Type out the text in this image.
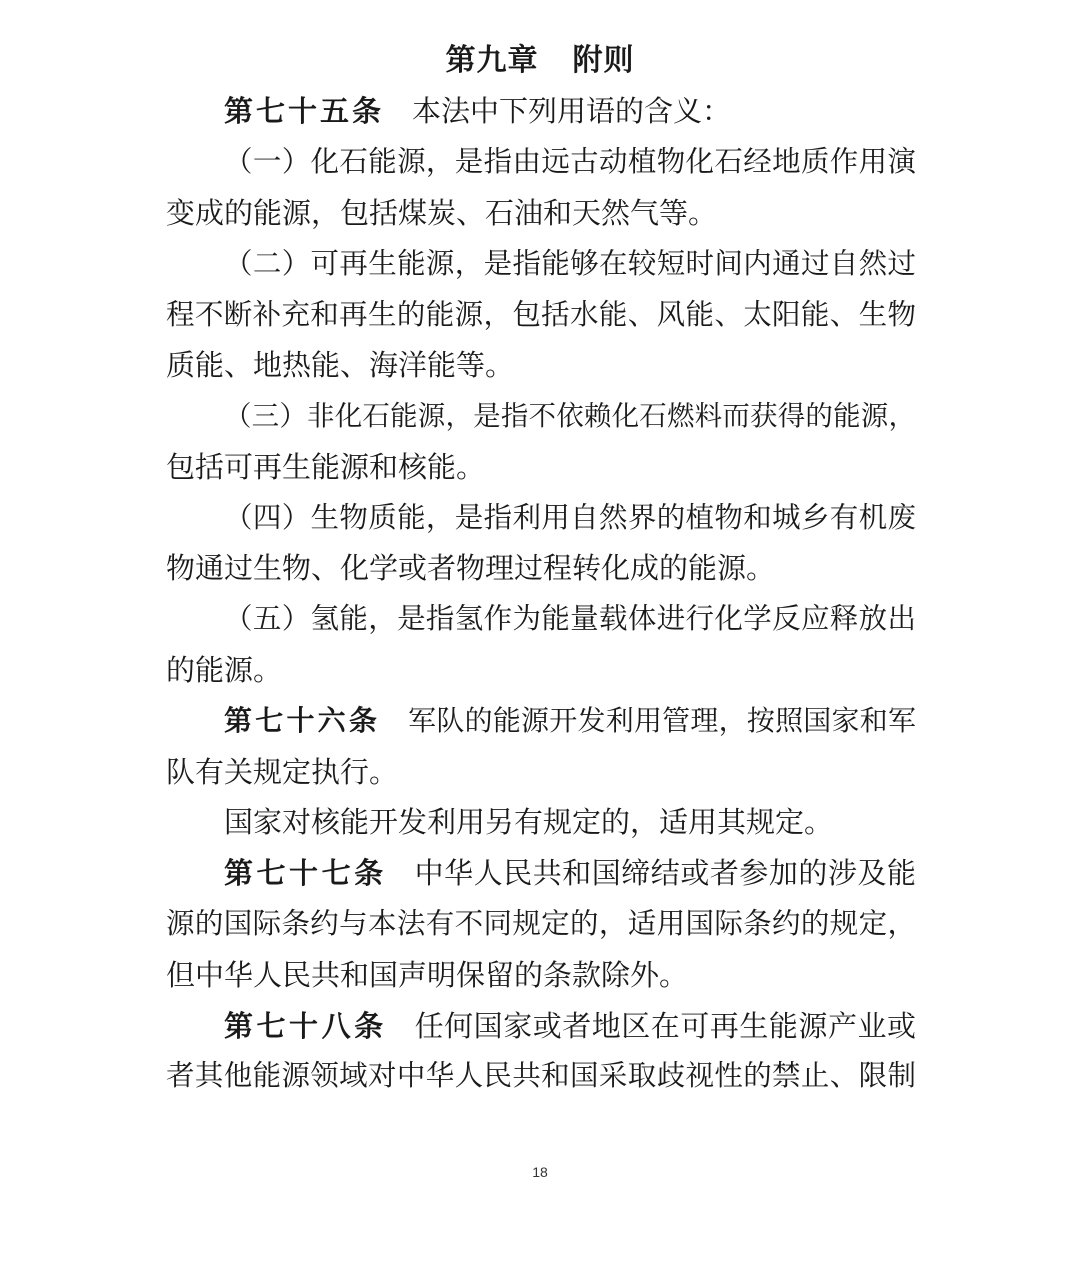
第九章 附则
第七十五条 本法中下列用语的含义：
（一）化石能源，是指由远古动植物化石经地质作用演
变成的能源，包括煤炭、石油和天然气等。
（二）可再生能源，是指能够在较短时间内通过自然过
程不断补充和再生的能源，包括水能、风能、太阳能、生物
质能、地热能、海洋能等。
（三）非化石能源，是指不依赖化石燃料而获得的能源，
包括可再生能源和核能。
（四）生物质能，是指利用自然界的植物和城乡有机废
物通过生物、化学或者物理过程转化成的能源。
（五）氢能，是指氢作为能量载体进行化学反应释放出
的能源。
第七十六条 军队的能源开发利用管理，按照国家和军
队有关规定执行。
国家对核能开发利用另有规定的，适用其规定。
第七十七条 中华人民共和国缔结或者参加的涉及能
源的国际条约与本法有不同规定的，适用国际条约的规定，
但中华人民共和国声明保留的条款除外。
第七十八条 任何国家或者地区在可再生能源产业或
者其他能源领域对中华人民共和国采取歧视性的禁止、限制
18
